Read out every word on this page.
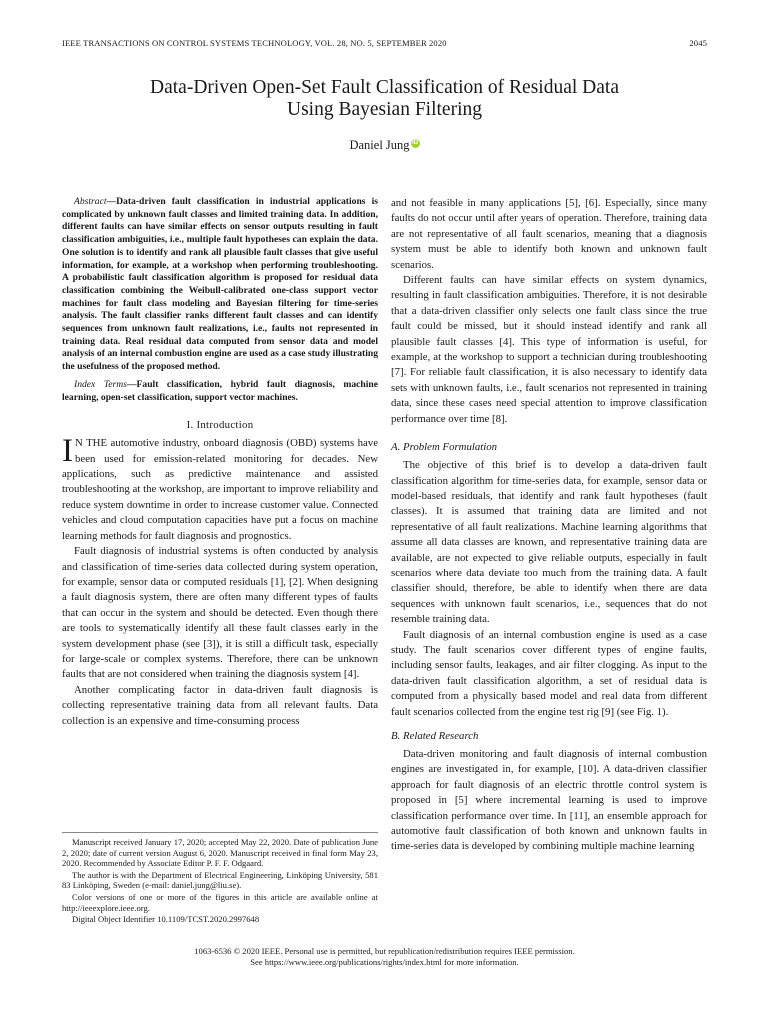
IEEE TRANSACTIONS ON CONTROL SYSTEMS TECHNOLOGY, VOL. 28, NO. 5, SEPTEMBER 2020	2045
Data-Driven Open-Set Fault Classification of Residual Data
Using Bayesian Filtering
Daniel Jung iD

Abstract—Data-driven fault classification in industrial applications is complicated by unknown fault classes and limited training data. In addition, different faults can have similar effects on sensor outputs resulting in fault classification ambiguities, i.e., multiple fault hypotheses can explain the data. One solution is to identify and rank all plausible fault classes that give useful information, for example, at a workshop when performing troubleshooting. A probabilistic fault classification algorithm is proposed for residual data classification combining the Weibull-calibrated one-class support vector machines for fault class modeling and Bayesian filtering for time-series analysis. The fault classifier ranks different fault classes and can identify sequences from unknown fault realizations, i.e., faults not represented in training data. Real residual data computed from sensor data and model analysis of an internal combustion engine are used as a case study illustrating the usefulness of the proposed method.

Index Terms—Fault classification, hybrid fault diagnosis, machine learning, open-set classification, support vector machines.

I. Introduction

I N THE automotive industry, onboard diagnosis (OBD) systems have been used for emission-related monitoring for decades. New applications, such as predictive maintenance and assisted troubleshooting at the workshop, are important to improve reliability and reduce system downtime in order to increase customer value. Connected vehicles and cloud computation capacities have put a focus on machine learning methods for fault diagnosis and prognostics.

Fault diagnosis of industrial systems is often conducted by analysis and classification of time-series data collected during system operation, for example, sensor data or computed residuals [1], [2]. When designing a fault diagnosis system, there are often many different types of faults that can occur in the system and should be detected. Even though there are tools to systematically identify all these fault classes early in the system development phase (see [3]), it is still a difficult task, especially for large-scale or complex systems. Therefore, there can be unknown faults that are not considered when training the diagnosis system [4].

Another complicating factor in data-driven fault diagnosis is collecting representative training data from all relevant faults. Data collection is an expensive and time-consuming process

Manuscript received January 17, 2020; accepted May 22, 2020. Date of publication June 2, 2020; date of current version August 6, 2020. Manuscript received in final form May 23, 2020. Recommended by Associate Editor P. F. F. Odgaard.

The author is with the Department of Electrical Engineering, Linköping University, 581 83 Linköping, Sweden (e-mail: daniel.jung@liu.se).

Color versions of one or more of the figures in this article are available online at http://ieeexplore.ieee.org.

Digital Object Identifier 10.1109/TCST.2020.2997648

and not feasible in many applications [5], [6]. Especially, since many faults do not occur until after years of operation. Therefore, training data are not representative of all fault scenarios, meaning that a diagnosis system must be able to identify both known and unknown fault scenarios.

Different faults can have similar effects on system dynamics, resulting in fault classification ambiguities. Therefore, it is not desirable that a data-driven classifier only selects one fault class since the true fault could be missed, but it should instead identify and rank all plausible fault classes [4]. This type of information is useful, for example, at the workshop to support a technician during troubleshooting [7]. For reliable fault classification, it is also necessary to identify data sets with unknown faults, i.e., fault scenarios not represented in training data, since these cases need special attention to improve classification performance over time [8].

A. Problem Formulation

The objective of this brief is to develop a data-driven fault classification algorithm for time-series data, for example, sensor data or model-based residuals, that identify and rank fault hypotheses (fault classes). It is assumed that training data are limited and not representative of all fault realizations. Machine learning algorithms that assume all data classes are known, and representative training data are available, are not expected to give reliable outputs, especially in fault scenarios where data deviate too much from the training data. A fault classifier should, therefore, be able to identify when there are data sequences with unknown fault scenarios, i.e., sequences that do not resemble training data.

Fault diagnosis of an internal combustion engine is used as a case study. The fault scenarios cover different types of engine faults, including sensor faults, leakages, and air filter clogging. As input to the data-driven fault classification algorithm, a set of residual data is computed from a physically based model and real data from different fault scenarios collected from the engine test rig [9] (see Fig. 1).

B. Related Research

Data-driven monitoring and fault diagnosis of internal combustion engines are investigated in, for example, [10]. A data-driven classifier approach for fault diagnosis of an electric throttle control system is proposed in [5] where incremental learning is used to improve classification performance over time. In [11], an ensemble approach for automotive fault classification of both known and unknown faults in time-series data is developed by combining multiple machine learning

1063-6536 © 2020 IEEE. Personal use is permitted, but republication/redistribution requires IEEE permission.
See https://www.ieee.org/publications/rights/index.html for more information.
